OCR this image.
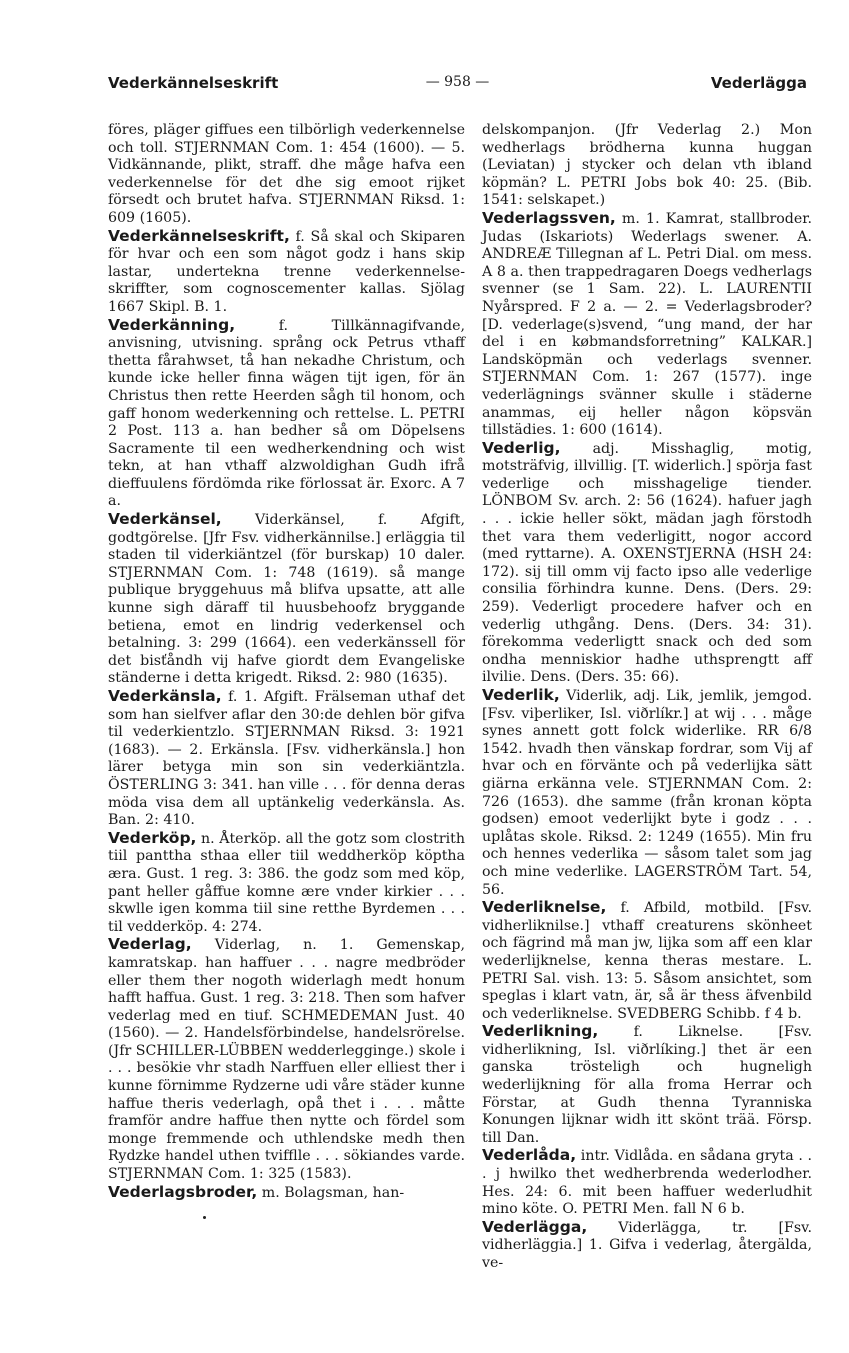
Vederkännelseskrift	— 958 —	Vederlägga

föres, pläger giffues een tilbörligh vederkennelse och toll. STJERNMAN Com. 1: 454 (1600). — 5. Vidkännande, plikt, straff. dhe måge hafva een vederkennelse för det dhe sig emoot rijket försedt och brutet hafva. STJERNMAN Riksd. 1: 609 (1605).

Vederkännelseskrift, f. Så skal och Skiparen för hvar och een som något godz i hans skip lastar, undertekna trenne vederkennelse-skriffter, som cognoscementer kallas. Sjölag 1667 Skipl. B. 1.

Vederkänning, f. Tillkännagifvande, anvisning, utvisning. språng ock Petrus vthaff thetta fårahwset, tå han nekadhe Christum, och kunde icke heller finna wägen tijt igen, för än Christus then rette Heerden sågh til honom, och gaff honom wederkenning och rettelse. L. PETRI 2 Post. 113 a. han bedher så om Döpelsens Sacramente til een wedherkendning och wist tekn, at han vthaff alzwoldighan Gudh ifrå dieffuulens fördömda rike förlossat är. Exorc. A 7 a.

Vederkänsel, Viderkänsel, f. Afgift, godtgörelse. [Jfr Fsv. vidherkännilse.] erläggia til staden til viderkiäntzel (för burskap) 10 daler. STJERNMAN Com. 1: 748 (1619). så mange publique bryggehuus må blifva upsatte, att alle kunne sigh däraff til huusbehoofz bryggande betiena, emot en lindrig vederkensel och betalning. 3: 299 (1664). een vederkänssell för det bisťåndh vij hafve giordt dem Evangeliske ständerne i detta krigedt. Riksd. 2: 980 (1635).

Vederkänsla, f. 1. Afgift. Frälseman uthaf det som han sielfver aflar den 30:de dehlen bör gifva til vederkientzlo. STJERNMAN Riksd. 3: 1921 (1683). — 2. Erkänsla. [Fsv. vidherkänsla.] hon lärer betyga min son sin vederkiäntzla. ÖSTERLING 3: 341. han ville . . . för denna deras möda visa dem all uptänkelig vederkänsla. As. Ban. 2: 410.

Vederköp, n. Återköp. all the gotz som clostrith tiil panttha sthaa eller tiil weddherköp köptha æra. Gust. 1 reg. 3: 386. the godz som med köp, pant heller gåffue komne ære vnder kirkier . . . skwlle igen komma tiil sine retthe Byrdemen . . . til vedderköp. 4: 274.

Vederlag, Viderlag, n. 1. Gemenskap, kamratskap. han haffuer . . . nagre medbröder eller them ther nogoth widerlagh medt honum hafft haffua. Gust. 1 reg. 3: 218. Then som hafver vederlag med en tiuf. SCHMEDEMAN Just. 40 (1560). — 2. Handelsförbindelse, handelsrörelse. (Jfr SCHILLER-LÜBBEN wedderlegginge.) skole i . . . besökie vhr stadh Narffuen eller elliest ther i kunne förnimme Rydzerne udi våre städer kunne haffue theris vederlagh, opå thet i . . . måtte framför andre haffue then nytte och fördel som monge fremmende och uthlendske medh then Rydzke handel uthen tvifflle . . . sökiandes varde. STJERNMAN Com. 1: 325 (1583).

Vederlagsbroder, m. Bolagsman, han-

delskompanjon. (Jfr Vederlag 2.) Mon wedherlags brödherna kunna huggan (Leviatan) j stycker och delan vth ibland köpmän? L. PETRI Jobs bok 40: 25. (Bib. 1541: selskapet.)

Vederlagssven, m. 1. Kamrat, stallbroder. Judas (Iskariots) Wederlags swener. A. ANDREÆ Tillegnan af L. Petri Dial. om mess. A 8 a. then trappedragaren Doegs vedherlags svenner (se 1 Sam. 22). L. LAURENTII Nyårspred. F 2 a. — 2. = Vederlagsbroder? [D. vederlage(s)svend, “ung mand, der har del i en købmandsforretning” KALKAR.] Landsköpmän och vederlags svenner. STJERNMAN Com. 1: 267 (1577). inge vederlägnings svänner skulle i städerne anammas, eij heller någon köpsvän tillstädies. 1: 600 (1614).

Vederlig, adj. Misshaglig, motig, motsträfvig, illvillig. [T. widerlich.] spörja fast vederlige och misshagelige tiender. LÖNBOM Sv. arch. 2: 56 (1624). hafuer jagh . . . ickie heller sökt, mädan jagh förstodh thet vara them vederligitt, nogor accord (med ryttarne). A. OXENSTJERNA (HSH 24: 172). sij till omm vij facto ipso alle vederlige consilia förhindra kunne. Dens. (Ders. 29: 259). Vederligt procedere hafver och en vederlig uthgång. Dens. (Ders. 34: 31). förekomma vederligtt snack och ded som ondha menniskior hadhe uthsprengtt aff ilvilie. Dens. (Ders. 35: 66).

Vederlik, Viderlik, adj. Lik, jemlik, jemgod. [Fsv. viþerliker, Isl. viðrlíkr.] at wij . . . måge synes annett gott folck widerlike. RR 6/8 1542. hvadh then vänskap fordrar, som Vij af hvar och en förvänte och på vederlijka sätt giärna erkänna vele. STJERNMAN Com. 2: 726 (1653). dhe samme (från kronan köpta godsen) emoot vederlijkt byte i godz . . . uplåtas skole. Riksd. 2: 1249 (1655). Min fru och hennes vederlika — såsom talet som jag och mine vederlike. LAGERSTRÖM Tart. 54, 56.

Vederliknelse, f. Afbild, motbild. [Fsv. vidherliknilse.] vthaff creaturens skönheet och fägrind må man jw, lijka som aff een klar wederlijknelse, kenna theras mestare. L. PETRI Sal. vish. 13: 5. Såsom ansichtet, som speglas i klart vatn, är, så är thess äfvenbild och vederliknelse. SVEDBERG Schibb. f 4 b.

Vederlikning, f. Liknelse. [Fsv. vidherlikning, Isl. viðrlíking.] thet är een ganska trösteligh och hugneligh wederlijkning för alla froma Herrar och Förstar, at Gudh thenna Tyranniska Konungen lijknar widh itt skönt trää. Försp. till Dan.

Vederlåda, intr. Vidlåda. en sådana gryta . . . j hwilko thet wedherbrenda wederlodher. Hes. 24: 6. mit been haffuer wederludhit mino köte. O. PETRI Men. fall N 6 b.

Vederlägga, Viderlägga, tr. [Fsv. vidherläggia.] 1. Gifva i vederlag, återgälda, ve-
